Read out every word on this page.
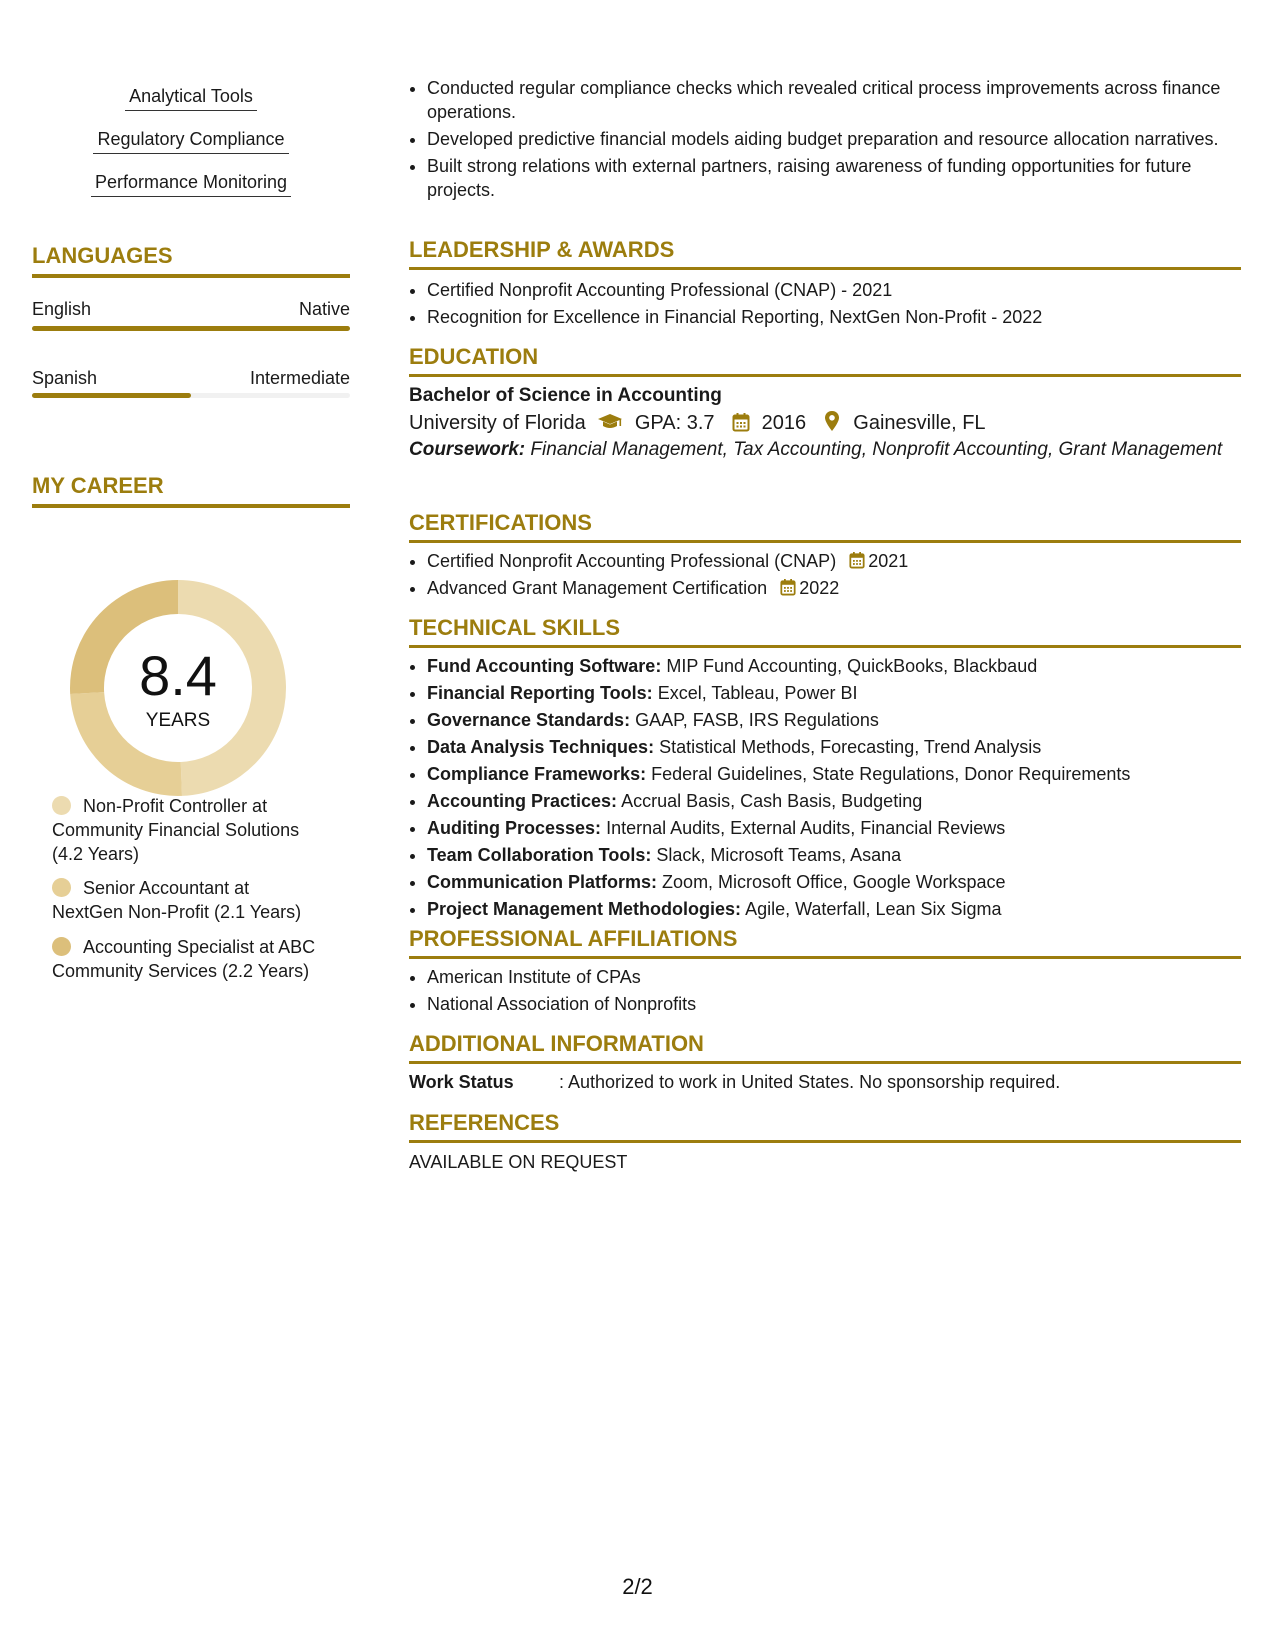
Analytical Tools
Regulatory Compliance
Performance Monitoring
LANGUAGES
English	Native
Spanish	Intermediate
MY CAREER
8.4
YEARS
Non-Profit Controller at Community Financial Solutions (4.2 Years)
Senior Accountant at NextGen Non-Profit (2.1 Years)
Accounting Specialist at ABC Community Services (2.2 Years)
• Conducted regular compliance checks which revealed critical process improvements across finance operations.
• Developed predictive financial models aiding budget preparation and resource allocation narratives.
• Built strong relations with external partners, raising awareness of funding opportunities for future projects.
LEADERSHIP & AWARDS
• Certified Nonprofit Accounting Professional (CNAP) - 2021
• Recognition for Excellence in Financial Reporting, NextGen Non-Profit - 2022
EDUCATION
Bachelor of Science in Accounting
University of Florida GPA: 3.7 2016 Gainesville, FL
Coursework: Financial Management, Tax Accounting, Nonprofit Accounting, Grant Management
CERTIFICATIONS
• Certified Nonprofit Accounting Professional (CNAP) 2021
• Advanced Grant Management Certification 2022
TECHNICAL SKILLS
• Fund Accounting Software: MIP Fund Accounting, QuickBooks, Blackbaud
• Financial Reporting Tools: Excel, Tableau, Power BI
• Governance Standards: GAAP, FASB, IRS Regulations
• Data Analysis Techniques: Statistical Methods, Forecasting, Trend Analysis
• Compliance Frameworks: Federal Guidelines, State Regulations, Donor Requirements
• Accounting Practices: Accrual Basis, Cash Basis, Budgeting
• Auditing Processes: Internal Audits, External Audits, Financial Reviews
• Team Collaboration Tools: Slack, Microsoft Teams, Asana
• Communication Platforms: Zoom, Microsoft Office, Google Workspace
• Project Management Methodologies: Agile, Waterfall, Lean Six Sigma
PROFESSIONAL AFFILIATIONS
• American Institute of CPAs
• National Association of Nonprofits
ADDITIONAL INFORMATION
Work Status	: Authorized to work in United States. No sponsorship required.
REFERENCES
AVAILABLE ON REQUEST
2/2
